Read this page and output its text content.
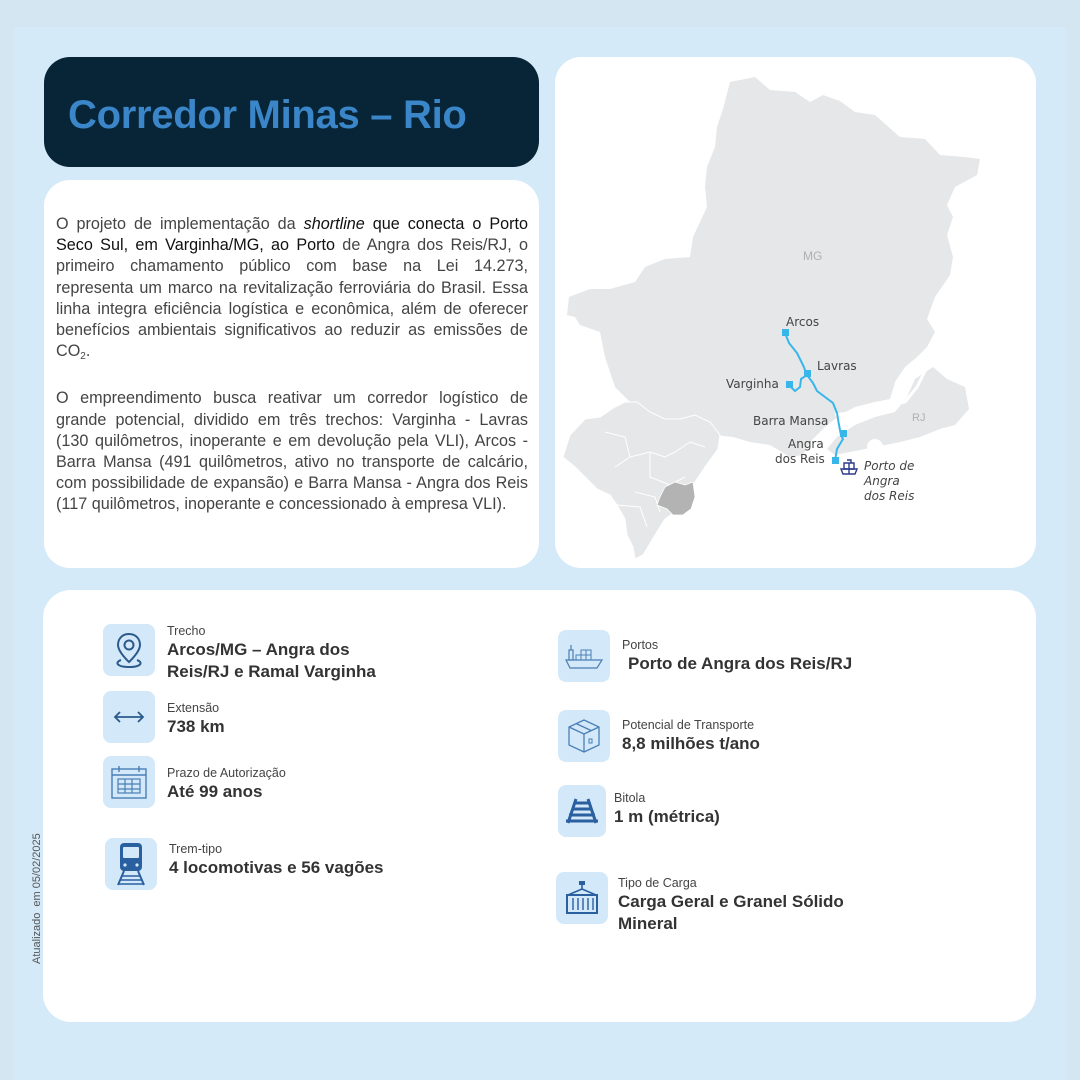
Corredor Minas – Rio

O projeto de implementação da shortline que conecta o Porto Seco Sul, em Varginha/MG, ao Porto de Angra dos Reis/RJ, o primeiro chamamento público com base na Lei 14.273, representa um marco na revitalização ferroviária do Brasil. Essa linha integra eficiência logística e econômica, além de oferecer benefícios ambientais significativos ao reduzir as emissões de $CO_2$.

O empreendimento busca reativar um corredor logístico de grande potencial, dividido em três trechos: Varginha - Lavras (130 quilômetros, inoperante e em devolução pela VLI), Arcos - Barra Mansa (491 quilômetros, ativo no transporte de calcário, com possibilidade de expansão) e Barra Mansa - Angra dos Reis (117 quilômetros, inoperante e concessionado à empresa VLI).

MG
RJ
Arcos
Lavras
Varginha
Barra Mansa
Angra
dos Reis	Porto de
Angra
dos Reis
Trecho
Arcos/MG – Angra dos
Reis/RJ e Ramal Varginha
Extensão
738 km
Prazo de Autorização
Até 99 anos
Trem-tipo
4 locomotivas e 56 vagões
Portos
Porto de Angra dos Reis/RJ
Potencial de Transporte
8,8 milhões t/ano
Bitola
1 m (métrica)
Tipo de Carga
Carga Geral e Granel Sólido
Mineral
Atualizadoem 05/02/2025
